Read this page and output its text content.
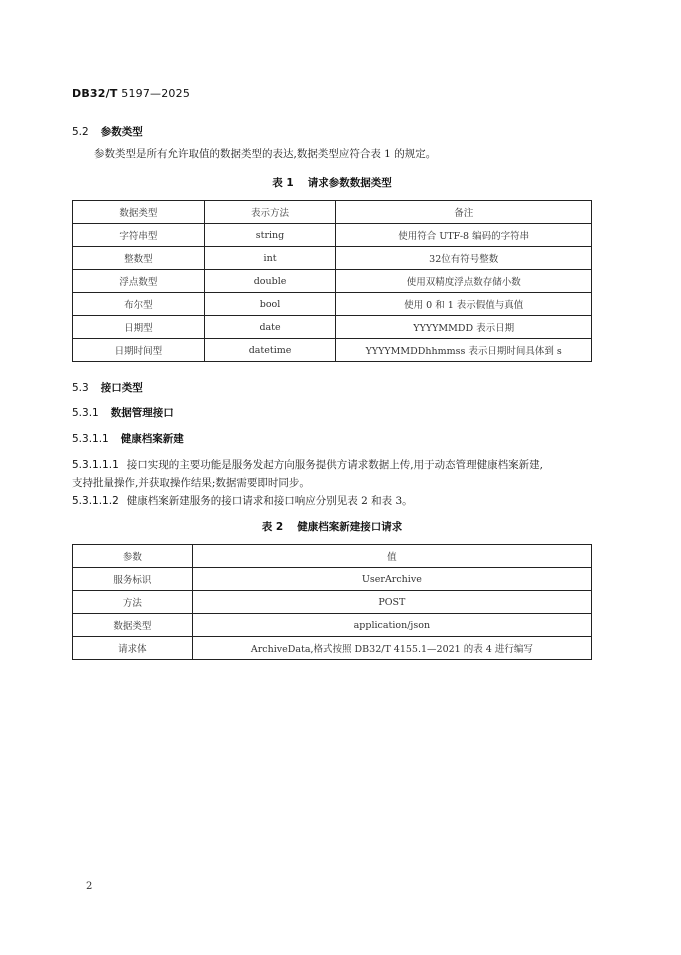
DB32/T 5197—2025
5.2 参数类型
参数类型是所有允许取值的数据类型的表达,数据类型应符合表 1 的规定。
表 1 请求参数数据类型
数据类型	表示方法	备注
字符串型	string	使用符合 UTF-8 编码的字符串
整数型	int	32位有符号整数
浮点数型	double	使用双精度浮点数存储小数
布尔型	bool	使用 0 和 1 表示假值与真值
日期型	date	YYYYMMDD 表示日期
日期时间型	datetime	YYYYMMDDhhmmss 表示日期时间具体到 s
5.3 接口类型
5.3.1 数据管理接口
5.3.1.1 健康档案新建
5.3.1.1.1 接口实现的主要功能是服务发起方向服务提供方请求数据上传,用于动态管理健康档案新建,
支持批量操作,并获取操作结果;数据需要即时同步。
5.3.1.1.2 健康档案新建服务的接口请求和接口响应分别见表 2 和表 3。
表 2 健康档案新建接口请求
参数	值
服务标识	UserArchive
方法	POST
数据类型	application/json
请求体	ArchiveData,格式按照 DB32/T 4155.1—2021 的表 4 进行编写
2
